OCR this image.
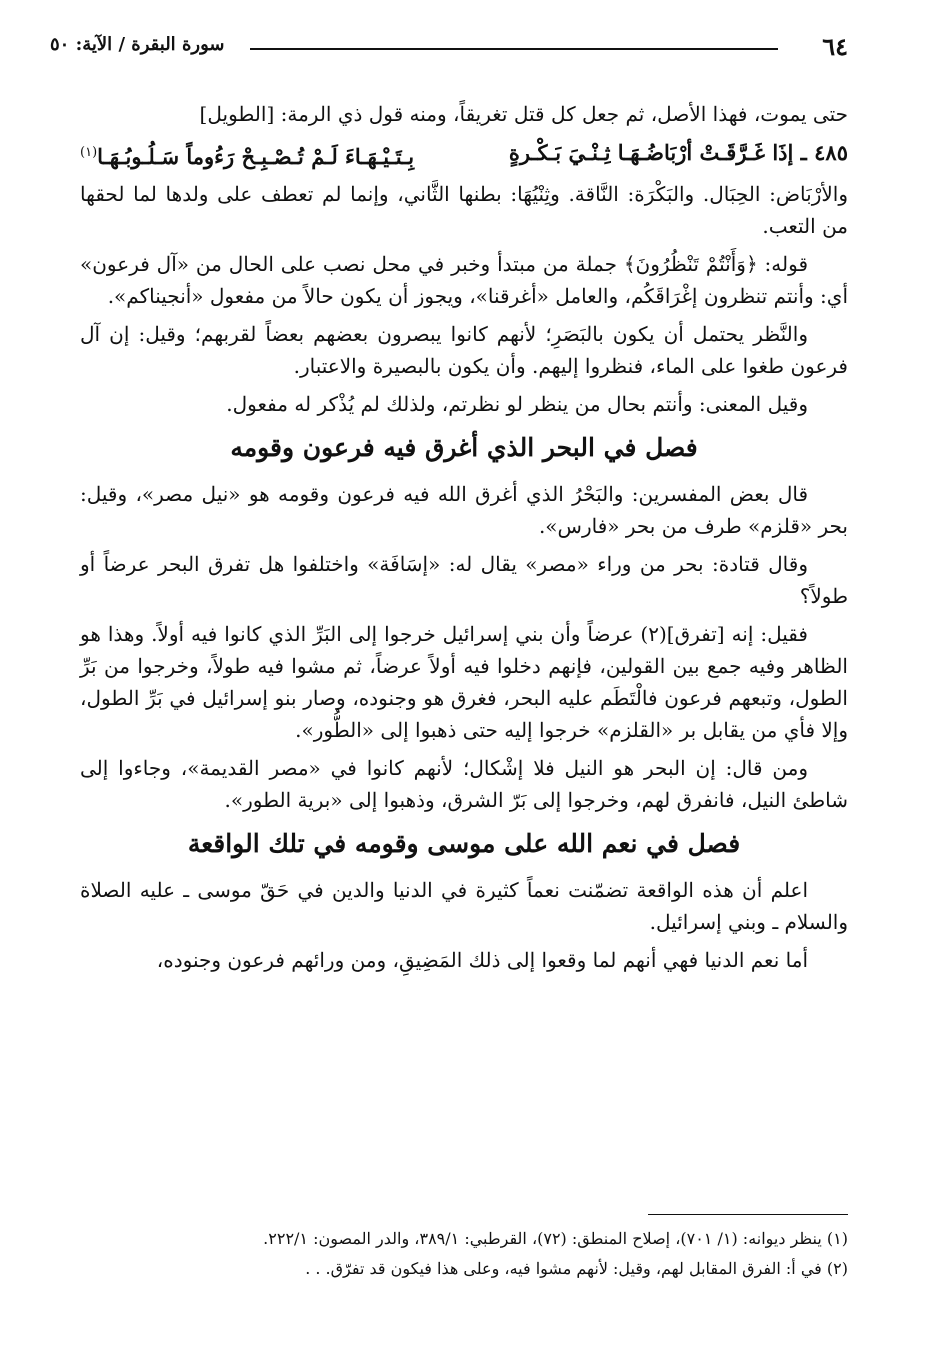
٦٤
سورة البقرة / الآية: ٥٠

حتى يموت، فهذا الأصل، ثم جعل كل قتل تغريقاً، ومنه قول ذي الرمة: [الطويل]

٤٨٥ ـ إذَا غَـرَّقَـتْ أرْبَاضُـهَـا ثِـنْـيَ بَـكْـرةٍ
بِـتَـيْـهَـاءَ لَـمْ تُـصْـبِـحْ رَءُوماً سَـلُـوبُـهَـا$^{(١)}$

والأرْبَاض: الحِبَال. والبَكْرَة: النَّاقة. وثِنْيُهَا: بطنها الثَّاني، وإنما لم تعطف على ولدها لما لحقها من التعب.

قوله: ﴿وَأَنْتُمْ تَنْظُرُونَ﴾ جملة من مبتدأ وخبر في محل نصب على الحال من «آل فرعون» أي: وأنتم تنظرون إغْرَاقَكُم، والعامل «أغرقنا»، ويجوز أن يكون حالاً من مفعول «أنجيناكم».

والنَّظر يحتمل أن يكون بالبَصَرِ؛ لأنهم كانوا يبصرون بعضهم بعضاً لقربهم؛ وقيل: إن آل فرعون طغوا على الماء، فنظروا إليهم. وأن يكون بالبصيرة والاعتبار.

وقيل المعنى: وأنتم بحال من ينظر لو نظرتم، ولذلك لم يُذْكر له مفعول.

فصل في البحر الذي أغرق فيه فرعون وقومه

قال بعض المفسرين: والبَحْرُ الذي أغرق الله فيه فرعون وقومه هو «نيل مصر»، وقيل: بحر «قلزم» طرف من بحر «فارس».

وقال قتادة: بحر من وراء «مصر» يقال له: «إسَافَة» واختلفوا هل تفرق البحر عرضاً أو طولاً؟

فقيل: إنه [تفرق](٢) عرضاً وأن بني إسرائيل خرجوا إلى البَرِّ الذي كانوا فيه أولاً. وهذا هو الظاهر وفيه جمع بين القولين، فإنهم دخلوا فيه أولاً عرضاً، ثم مشوا فيه طولاً، وخرجوا من بَرِّ الطول، وتبعهم فرعون فالْتَطَم عليه البحر، فغرق هو وجنوده، وصار بنو إسرائيل في بَرِّ الطول، وإلا فأي من يقابل بر «القلزم» خرجوا إليه حتى ذهبوا إلى «الطُّور».

ومن قال: إن البحر هو النيل فلا إشْكال؛ لأنهم كانوا في «مصر القديمة»، وجاءوا إلى شاطئ النيل، فانفرق لهم، وخرجوا إلى بَرّ الشرق، وذهبوا إلى «برية الطور».

فصل في نعم الله على موسى وقومه في تلك الواقعة

اعلم أن هذه الواقعة تضمّنت نعماً كثيرة في الدنيا والدين في حَقّ موسى ـ عليه الصلاة والسلام ـ وبني إسرائيل.

أما نعم الدنيا فهي أنهم لما وقعوا إلى ذلك المَضِيقِ، ومن ورائهم فرعون وجنوده،

(١) ينظر ديوانه: (١/ ٧٠١)، إصلاح المنطق: (٧٢)، القرطبي: ٣٨٩/١، والدر المصون: ٢٢٢/١.

(٢) في أ: الفرق المقابل لهم، وقيل: لأنهم مشوا فيه، وعلى هذا فيكون قد تفرّق. . .
